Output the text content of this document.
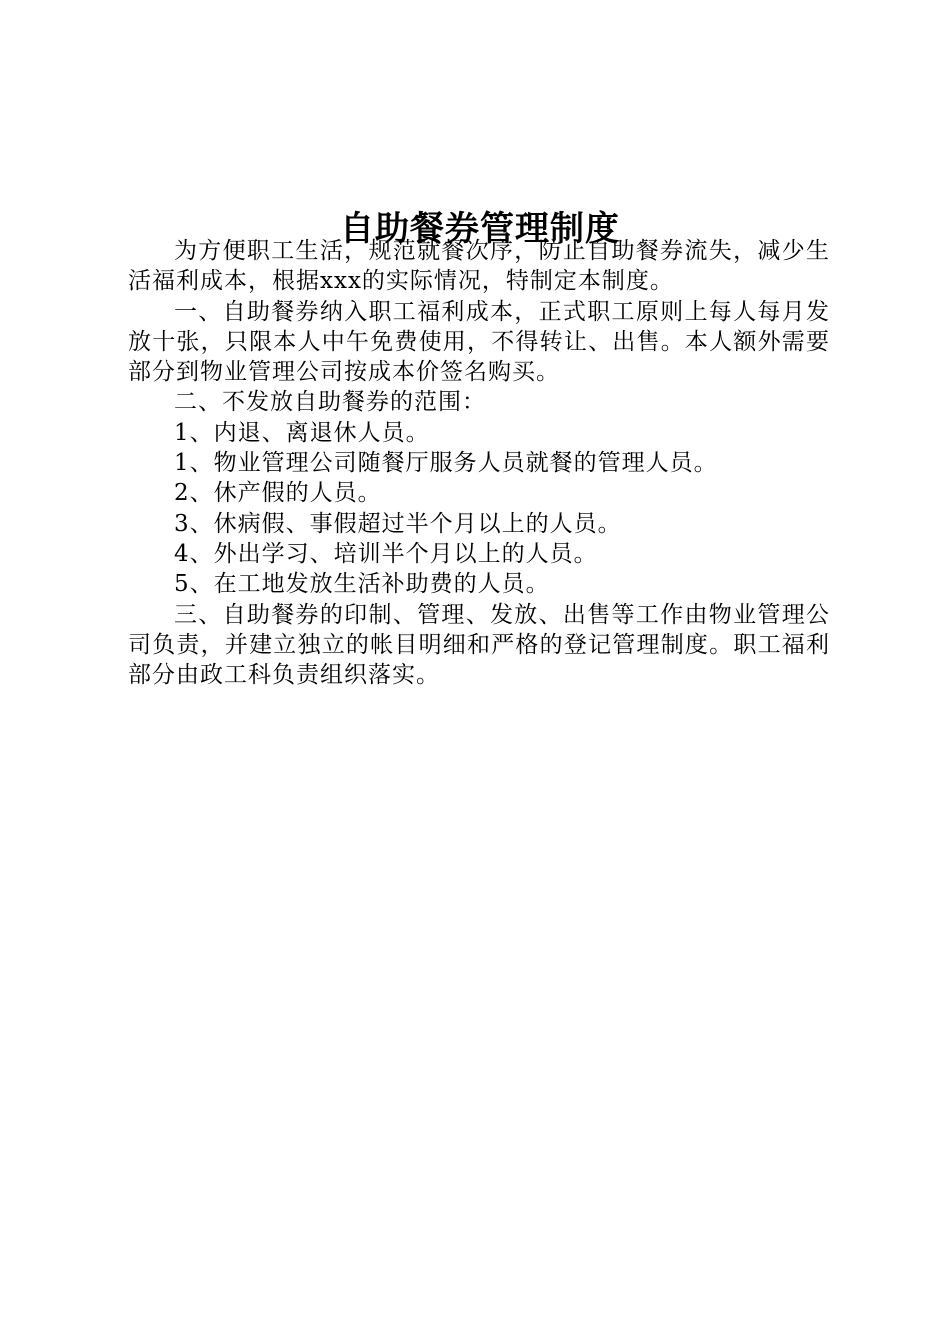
自助餐券管理制度

为方便职工生活，规范就餐次序，防止自助餐券流失，减少生活福利成本，根据xxx的实际情况，特制定本制度。

一、自助餐券纳入职工福利成本，正式职工原则上每人每月发放十张，只限本人中午免费使用，不得转让、出售。本人额外需要部分到物业管理公司按成本价签名购买。

二、不发放自助餐券的范围：

1、内退、离退休人员。

1、物业管理公司随餐厅服务人员就餐的管理人员。

2、休产假的人员。

3、休病假、事假超过半个月以上的人员。

4、外出学习、培训半个月以上的人员。

5、在工地发放生活补助费的人员。

三、自助餐券的印制、管理、发放、出售等工作由物业管理公司负责，并建立独立的帐目明细和严格的登记管理制度。职工福利部分由政工科负责组织落实。
